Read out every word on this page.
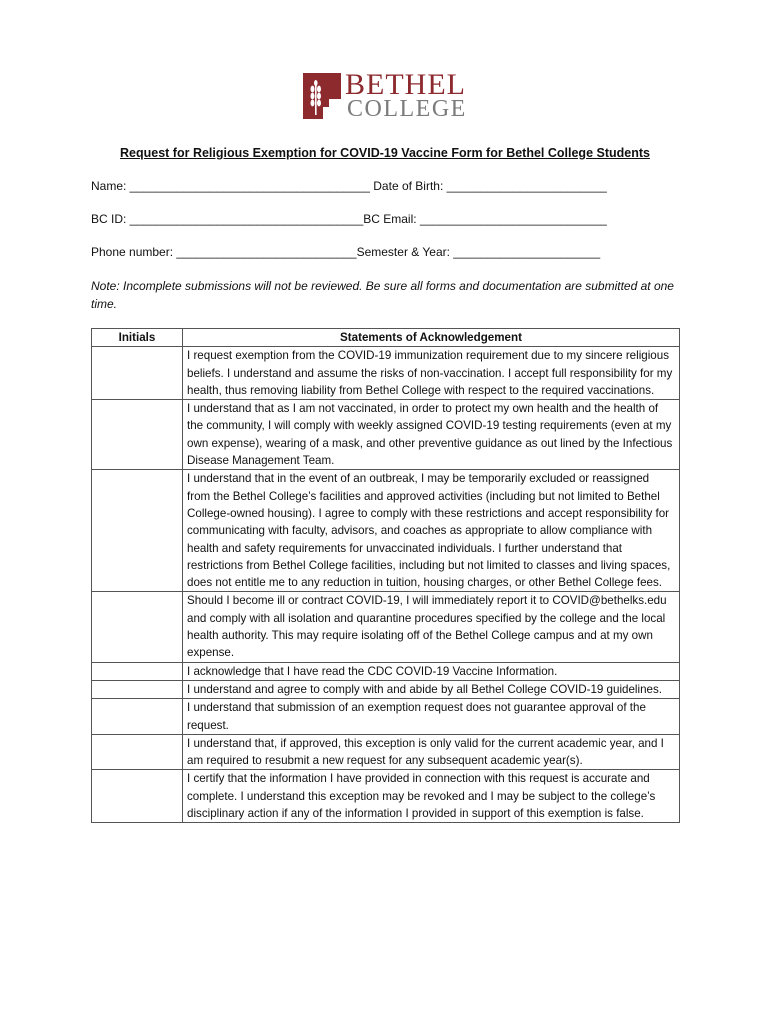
BETHEL
COLLEGE
Request for Religious Exemption for COVID-19 Vaccine Form for Bethel College Students
Name: ____________________________________ Date of Birth: ________________________
BC ID: ___________________________________BC Email: ____________________________
Phone number: ___________________________Semester & Year: ______________________
Note: Incomplete submissions will not be reviewed. Be sure all forms and documentation are submitted at one time.
Initials	Statements of Acknowledgement
	I request exemption from the COVID-19 immunization requirement due to my sincere religious beliefs. I understand and assume the risks of non-vaccination. I accept full responsibility for my health, thus removing liability from Bethel College with respect to the required vaccinations.
	I understand that as I am not vaccinated, in order to protect my own health and the health of the community, I will comply with weekly assigned COVID-19 testing requirements (even at my own expense), wearing of a mask, and other preventive guidance as out lined by the Infectious Disease Management Team.
	I understand that in the event of an outbreak, I may be temporarily excluded or reassigned from the Bethel College’s facilities and approved activities (including but not limited to Bethel College-owned housing). I agree to comply with these restrictions and accept responsibility for communicating with faculty, advisors, and coaches as appropriate to allow compliance with health and safety requirements for unvaccinated individuals. I further understand that restrictions from Bethel College facilities, including but not limited to classes and living spaces, does not entitle me to any reduction in tuition, housing charges, or other Bethel College fees.
	Should I become ill or contract COVID-19, I will immediately report it to COVID@bethelks.edu and comply with all isolation and quarantine procedures specified by the college and the local health authority. This may require isolating off of the Bethel College campus and at my own expense.
	I acknowledge that I have read the CDC COVID-19 Vaccine Information.
	I understand and agree to comply with and abide by all Bethel College COVID-19 guidelines.
	I understand that submission of an exemption request does not guarantee approval of the request.
	I understand that, if approved, this exception is only valid for the current academic year, and I am required to resubmit a new request for any subsequent academic year(s).
	I certify that the information I have provided in connection with this request is accurate and complete. I understand this exception may be revoked and I may be subject to the college’s disciplinary action if any of the information I provided in support of this exemption is false.
